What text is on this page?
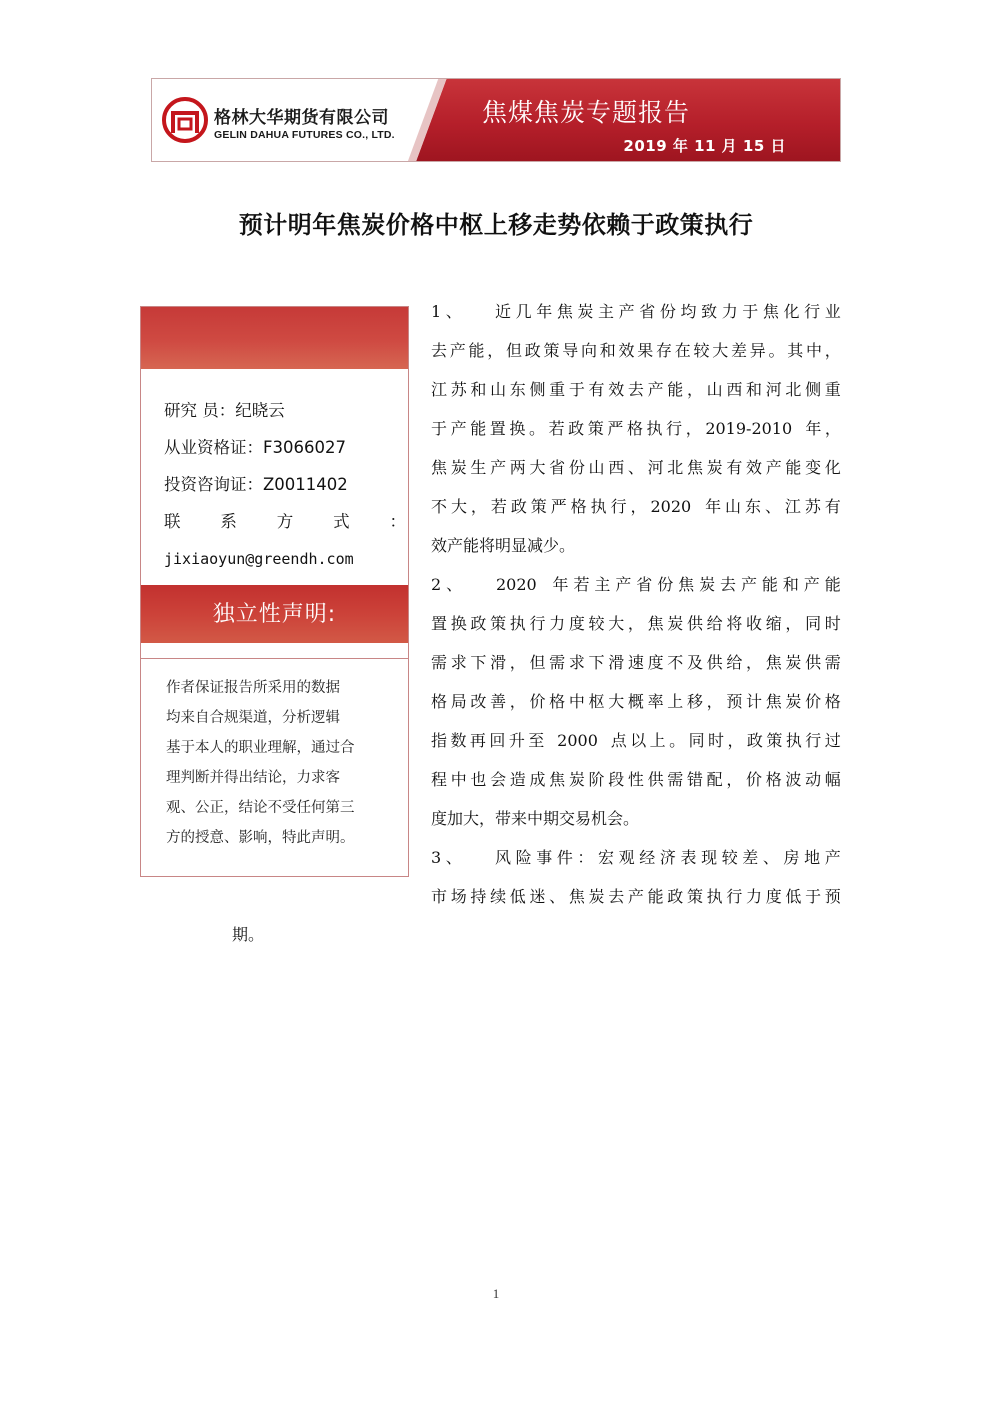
格林大华期货有限公司
GELIN DAHUA FUTURES CO., LTD.
焦煤焦炭专题报告
2019 年 11 月 15 日
预计明年焦炭价格中枢上移走势依赖于政策执行
研究 员：纪晓云
从业资格证：F3066027
投资咨询证：Z0011402
联 系 方 式 ：
jixiaoyun@greendh.com
独立性声明:
作者保证报告所采用的数据
均来自合规渠道，分析逻辑
基于本人的职业理解，通过合
理判断并得出结论，力求客
观、公正，结论不受任何第三
方的授意、影响，特此声明。
1 、 近 几 年 焦 炭 主 产 省 份 均 致 力 于 焦 化 行 业
去 产 能 ， 但 政 策 导 向 和 效 果 存 在 较 大 差 异 。 其 中 ，
江 苏 和 山 东 侧 重 于 有 效 去 产 能 ， 山 西 和 河 北 侧 重
于 产 能 置 换 。 若 政 策 严 格 执 行 ， 2019-2010 年 ，
焦 炭 生 产 两 大 省 份 山 西 、 河 北 焦 炭 有 效 产 能 变 化
不 大 ， 若 政 策 严 格 执 行 ， 2020 年 山 东 、 江 苏 有
效产能将明显减少。
2 、 2020 年 若 主 产 省 份 焦 炭 去 产 能 和 产 能
置 换 政 策 执 行 力 度 较 大 ， 焦 炭 供 给 将 收 缩 ， 同 时
需 求 下 滑 ， 但 需 求 下 滑 速 度 不 及 供 给 ， 焦 炭 供 需
格 局 改 善 ， 价 格 中 枢 大 概 率 上 移 ， 预 计 焦 炭 价 格
指 数 再 回 升 至 2000 点 以 上 。 同 时 ， 政 策 执 行 过
程 中 也 会 造 成 焦 炭 阶 段 性 供 需 错 配 ， 价 格 波 动 幅
度加大，带来中期交易机会。
3 、 风 险 事 件 ： 宏 观 经 济 表 现 较 差 、 房 地 产
市 场 持 续 低 迷 、 焦 炭 去 产 能 政 策 执 行 力 度 低 于 预
期。
1
